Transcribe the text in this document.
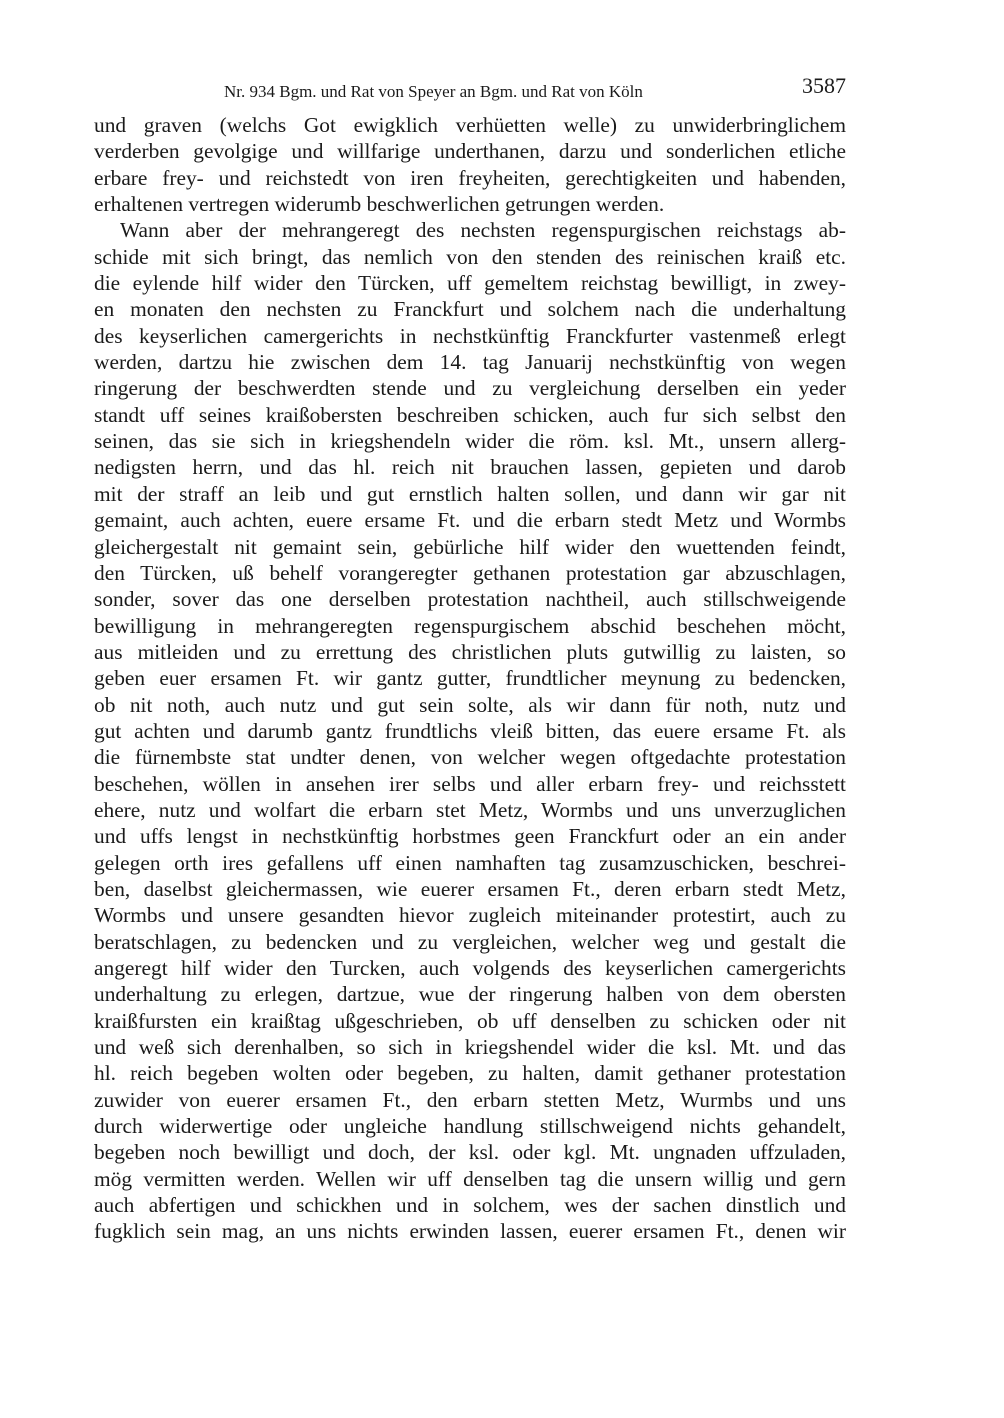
Nr. 934 Bgm. und Rat von Speyer an Bgm. und Rat von Köln	3587
und graven (welchs Got ewigklich verhüetten welle) zu unwiderbringlichem
verderben gevolgige und willfarige underthanen, darzu und sonderlichen etliche
erbare frey- und reichstedt von iren freyheiten, gerechtigkeiten und habenden,
erhaltenen vertregen widerumb beschwerlichen getrungen werden.
Wann aber der mehrangeregt des nechsten regenspurgischen reichstags ab-
schide mit sich bringt, das nemlich von den stenden des reinischen kraiß etc.
die eylende hilf wider den Türcken, uff gemeltem reichstag bewilligt, in zwey-
en monaten den nechsten zu Franckfurt und solchem nach die underhaltung
des keyserlichen camergerichts in nechstkünftig Franckfurter vastenmeß erlegt
werden, dartzu hie zwischen dem 14. tag Januarij nechstkünftig von wegen
ringerung der beschwerdten stende und zu vergleichung derselben ein yeder
standt uff seines kraißobersten beschreiben schicken, auch fur sich selbst den
seinen, das sie sich in kriegshendeln wider die röm. ksl. Mt., unsern allerg-
nedigsten herrn, und das hl. reich nit brauchen lassen, gepieten und darob
mit der straff an leib und gut ernstlich halten sollen, und dann wir gar nit
gemaint, auch achten, euere ersame Ft. und die erbarn stedt Metz und Wormbs
gleichergestalt nit gemaint sein, gebürliche hilf wider den wuettenden feindt,
den Türcken, uß behelf vorangeregter gethanen protestation gar abzuschlagen,
sonder, sover das one derselben protestation nachtheil, auch stillschweigende
bewilligung in mehrangeregten regenspurgischem abschid beschehen möcht,
aus mitleiden und zu errettung des christlichen pluts gutwillig zu laisten, so
geben euer ersamen Ft. wir gantz gutter, frundtlicher meynung zu bedencken,
ob nit noth, auch nutz und gut sein solte, als wir dann für noth, nutz und
gut achten und darumb gantz frundtlichs vleiß bitten, das euere ersame Ft. als
die fürnembste stat undter denen, von welcher wegen oftgedachte protestation
beschehen, wöllen in ansehen irer selbs und aller erbarn frey- und reichsstett
ehere, nutz und wolfart die erbarn stet Metz, Wormbs und uns unverzuglichen
und uffs lengst in nechstkünftig horbstmes geen Franckfurt oder an ein ander
gelegen orth ires gefallens uff einen namhaften tag zusamzuschicken, beschrei-
ben, daselbst gleichermassen, wie euerer ersamen Ft., deren erbarn stedt Metz,
Wormbs und unsere gesandten hievor zugleich miteinander protestirt, auch zu
beratschlagen, zu bedencken und zu vergleichen, welcher weg und gestalt die
angeregt hilf wider den Turcken, auch volgends des keyserlichen camergerichts
underhaltung zu erlegen, dartzue, wue der ringerung halben von dem obersten
kraißfursten ein kraißtag ußgeschrieben, ob uff denselben zu schicken oder nit
und weß sich derenhalben, so sich in kriegshendel wider die ksl. Mt. und das
hl. reich begeben wolten oder begeben, zu halten, damit gethaner protestation
zuwider von euerer ersamen Ft., den erbarn stetten Metz, Wurmbs und uns
durch widerwertige oder ungleiche handlung stillschweigend nichts gehandelt,
begeben noch bewilligt und doch, der ksl. oder kgl. Mt. ungnaden uffzuladen,
mög vermitten werden. Wellen wir uff denselben tag die unsern willig und gern
auch abfertigen und schickhen und in solchem, wes der sachen dinstlich und
fugklich sein mag, an uns nichts erwinden lassen, euerer ersamen Ft., denen wir
